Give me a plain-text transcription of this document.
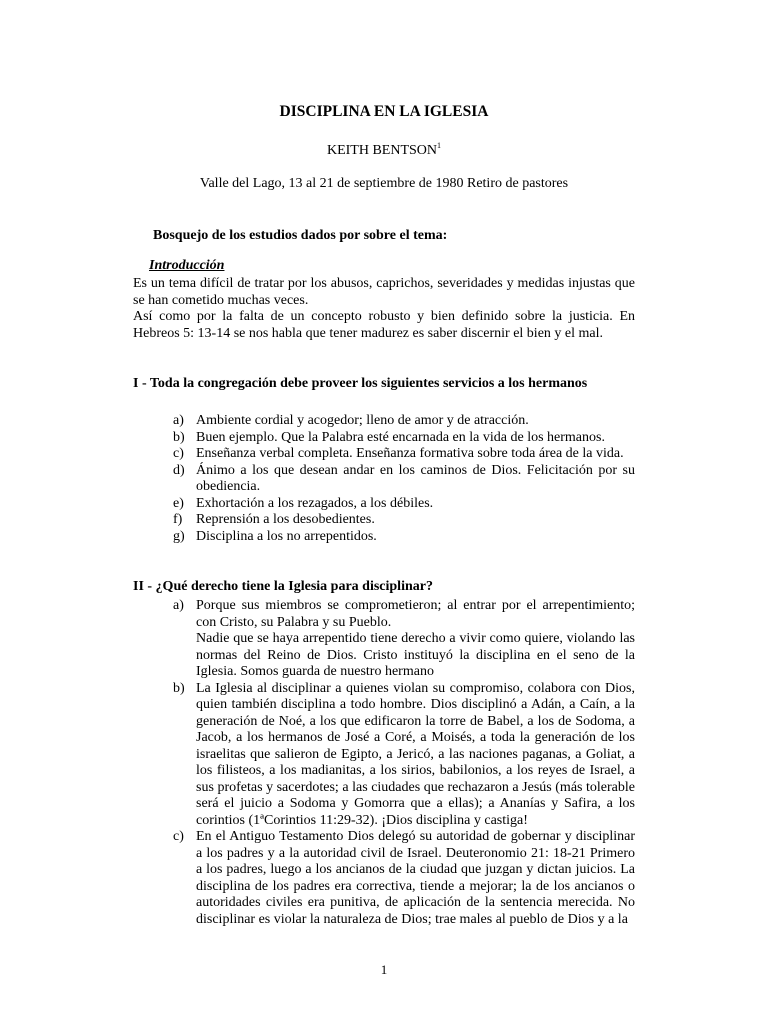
DISCIPLINA EN LA IGLESIA
KEITH BENTSON$^1$
Valle del Lago, 13 al 21 de septiembre de 1980 Retiro de pastores
Bosquejo de los estudios dados por sobre el tema:
Introducción

Es un tema difícil de tratar por los abusos, caprichos, severidades y medidas injustas que se han cometido muchas veces.

Así como por la falta de un concepto robusto y bien definido sobre la justicia. En Hebreos 5: 13-14 se nos habla que tener madurez es saber discernir el bien y el mal.

I - Toda la congregación debe proveer los siguientes servicios a los hermanos
a) Ambiente cordial y acogedor; lleno de amor y de atracción.
b) Buen ejemplo. Que la Palabra esté encarnada en la vida de los hermanos.
c) Enseñanza verbal completa. Enseñanza formativa sobre toda área de la vida.
d) Ánimo a los que desean andar en los caminos de Dios. Felicitación por su obediencia.
e) Exhortación a los rezagados, a los débiles.
f) Reprensión a los desobedientes.
g) Disciplina a los no arrepentidos.
II - ¿Qué derecho tiene la Iglesia para disciplinar?
a) Porque sus miembros se comprometieron; al entrar por el arrepentimiento; con Cristo, su Palabra y su Pueblo.

Nadie que se haya arrepentido tiene derecho a vivir como quiere, violando las normas del Reino de Dios. Cristo instituyó la disciplina en el seno de la Iglesia. Somos guarda de nuestro hermano

b) La Iglesia al disciplinar a quienes violan su compromiso, colabora con Dios, quien también disciplina a todo hombre. Dios disciplinó a Adán, a Caín, a la generación de Noé, a los que edificaron la torre de Babel, a los de Sodoma, a Jacob, a los hermanos de José a Coré, a Moisés, a toda la generación de los israelitas que salieron de Egipto, a Jericó, a las naciones paganas, a Goliat, a los filisteos, a los madianitas, a los sirios, babilonios, a los reyes de Israel, a sus profetas y sacerdotes; a las ciudades que rechazaron a Jesús (más tolerable será el juicio a Sodoma y Gomorra que a ellas); a Ananías y Safira, a los corintios (1ªCorintios 11:29-32). ¡Dios disciplina y castiga!

c) En el Antiguo Testamento Dios delegó su autoridad de gobernar y disciplinar a los padres y a la autoridad civil de Israel. Deuteronomio 21: 18-21 Primero a los padres, luego a los ancianos de la ciudad que juzgan y dictan juicios. La disciplina de los padres era correctiva, tiende a mejorar; la de los ancianos o autoridades civiles era punitiva, de aplicación de la sentencia merecida. No disciplinar es violar la naturaleza de Dios; trae males al pueblo de Dios y a la

1
